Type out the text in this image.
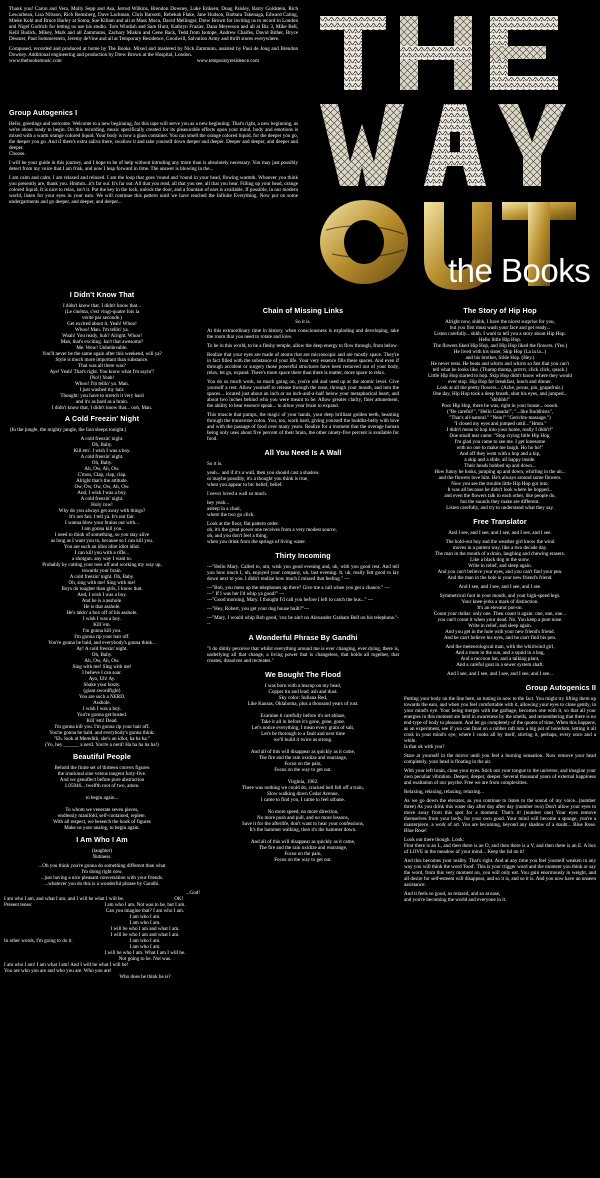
Thank you! Caron and Vera, Molly Sepp and Asa, Jerrod Wilkins, Brendon Downey, Luke Eriksen, Doug Paisley, Barry Goldstein, Rich Lescarbeau, Lisa Nilsson, Rich Remsberg, Dave Lachman, Chris Barsotti, Rebekah Flake, Jane Hudson, Barbara Takenaga, Edward Cating, Mieke Kohl and Bruce Harley at Soma, Sue Killam and all at Mass Moca, David Mellinger, Drew Brown for inviting us to record in London and Nigel Godrich for letting us use his studio. Tom Windish and Sam Hunt, Kathryn Frazier, Dana Meyerson and all at Biz 3, Mike Bell, Kelli Rudick, Mikey, Mark and all Zammutos, Zachary Miskin and Gene Back, Tedd from Isotope, Andrew Chaifes, David Bither, Bryce Dessner, Paul Sommerstein, Jeremy deVine and all at Temporary Residence, Goodwill, Salvation Army and thrift stores everywhere.
Composed, recorded and produced at home by The Books. Mixed and mastered by Nick Zammuto, assisted by Paul de Jong and Brendon Downey. Additional engineering and production by Drew Brown at the Hospital, London.
www.thebooksmusic.com	www.temporaryresidence.com
Group Autogenics I
Hello, greetings and welcome. Welcome to a new beginning, for this tape will serve you as a new beginning. That's right, a new beginning, as we're about ready to begin. On this recording, music specifically created for its pleasurable effects upon your mind, body and emotions is mixed with a warm orange colored liquid. Your body is now a glass container. You can smell the orange colored liquid, for the deeper you go, the deeper you go. And if there's extra saliva there, swallow it and take yourself down deeper and deeper. Deeper and deeper, and deeper and deeper.
Choose.
I will be your guide in this journey, and I hope to be of help without intruding any more than is absolutely necessary. You may just possibly detect from my voice that I am frisk, and now I leap forward in time. The answer is blowing in the...
I am calm and calm. I am relaxed and relaxed. I am the loop that goes 'round and 'round in your head, flowing warmth. Whoever you think you presently are, thank you. Hmmm...it's far out. It's far out. All that you read, all that you see, all that you hear. Filling up your head, orange colored liquid. It is nice to relax, isn't it. Put the key in the lock, unlock the door, and a fountain of ears is available. If possible, in our modern world, listen for your eyes in your ears. We will continue this pattern until we have reached the Infinite Everything. Now put on some undergarments and go deeper, and deeper, and deeper...
the Books
I Didn't Know That
I didn't know that. I didn't know that...
(Le cinéma, c'est vingt-quatre fois la
vérité par seconde.)
Get excited about it. Yeah! Whoo!
Whoo! Man. I'm tellin' ya.
Woah! You ready, huh? Alright. Whoo!
Man, that's exciting. Isn't that awesome?
Me. Wow! Unbelievable.
You'll never be the same again after this weekend, will ya?
Style is much more important than substance.
That was all there was?
Aye! Yeah! That's right. You know what I'm sayin'?
(No!) Yeah!
Whoo! I'm tellin' ya. Man.
I just washed my hair.
Thought: you have to stretch it very hard
and it's as hard as a brain.
I didn't know that, I didn't know that... ooh, Man.
A Cold Freezin' Night
(In the jungle, the mighty jungle, the lion sleeps tonight.)
A cold freezin' night.
Oh, Baby.
Kill em'. I wish I was a boy.
A cold freezin' night.
Oh, Baby.
Ah, Ow, Ah, Ow.
C'mon, Clap, clap, clap.
Alright that's the attitude.
Ow, Ow, Ow, Ow, Ah, Ow.
And, I wish I was a boy.
A cold freezin' night.
Holy cow!
Why do you always get away with things?
It's not fair. I tell ya. It's not fair.
I wanna blow your brains out with...
I am gonna kill you.
I need to think of something, so you stay alive
as long as I want you to, because so I can kill you.
You are such an idiot idiot idiot idiot.
I can kill you with a rifle...
a shotgun. any way I want to.
Probably by cutting your toes off and working my way up,
towards your brain.
A cold freezin' night. Oh, Baby.
Oh, sing with me! Sing with me!
Boys do tougher than girls, I know that.
And, I wish I was a boy.
And he is a asshole.
He is that asshole.
He's takin' a box off of his asshole.
I wish I was a boy.
Kill 'em.
I'm gonna kill you.
I'm gonna rip your hair off.
You're gonna be bald, and everybody's gonna think...
Ay! A cold freezin' night.
Oh, Baby.
Ah, Ow, Ah, Ow.
Sing with me! Sing with me!
I believe I can soar.
Ayo, Uh! Ay.
Shake your booty.
(giant swordfight)
You are such a NERD.
Asshole.
I wish I was a boy.
You're gonna get busted.
Kill 'em! Dead.
I'm gonna kill you. I'm gonna rip your hair off.
You're gonna be bald. and everybody's gonna think:
"Eh. look at Meredith, she's an idiot, ha ha ha."
(Yo, hey ______ a nerd. You're a nerd! Ha ha ha ha ha!)
Beautiful People
Behold the finite set of thirteen convex figures
the irrational sine versus tangent forty-five.
And we genuflect before pure abstraction
1.05946... twelfth root of two, amen.

to begin again...

To whom we venerate seven pieces,
endlessly manifold, self-contained, replete.
With all respect, we beseech the book of figures
Make us your analog, to begin again.
I Am Who I Am
(laughter)
Nutiness.
...Oh you think you're gonna do something different than what
I'm doing right now.
...just having a nice pleasant conversation with your friends.
...whatever you do this is a wonderful phrase by Gandhi.
...God!
I am who I am, and what I am, and I will be what I will be.	OK!
Present tense:	I am who I am. Not was to be, but I am.
Can you imagine that? I am who I am.
I am who I am.
I am who I am.
I will be who I am and what I am.
I will be who I am and what I am.
In other words, I'm going to do it.	I am who I am.
I am who I am.
I will be who I am. What I am I will be.
Not going to be. Not was.
I am who I am! I am what I am! And I will be what I will be!
You are who you are and who you are. Who you are!
Who does he think he is?
Chain of Missing Links
So it is.
At this extraordinary time in history, when consciousness is exploding and developing, take the room that you need to rotate and love.
To be in this world, to be a fleshy temple, allow the deep energy to flow through, from below.
Realize that your eyes are made of atoms that are microscopic and are mostly space. They're in fact filled with the substance of your life. Your very essence fills these spaces. And even if through accident or surgery those powerful structures have been removed out of your body, relax, let go, expand. There's more space there than there is matter, more space to relax.
You do so much work, so much going on, you're old and used up at the atomic level. Give yourself a rest. Allow yourself to release through the nose, through your mouth, and into the spaces... located just about an inch or an inch-and-a-half below your metaphorical heart, and about two inches behind who you were meant to be. Allow greater clarity, finer attunement, the ability to hear essence speak... to allow your brain to expand.
This muscle that pumps, the magic of your hands, your deep brilliant golden teeth, beaming through the transverse colon. You, too, work hard, giving yourself the buddha-belly with love and with the passage of food over many years. Realize for a moment that the average human being only uses about five percent of their brain, the other ninety-five percent is available for food.
All You Need Is A Wall
So it is.
yeah... and if it's a wall, then you should cast a shadow.
or maybe possibly, it's a thought you think is true,
when you appear to be: belief, belief.
I never loved a wall so much.
hey yeah...
asleep in a chair,
where the two go click.
Look at the floor, flat pattern order.
oh, it's the great power one receives from a very modest source,
oh, and you don't feel a thing,
when you drink from the springs of living water.
Thirty Incoming
---"Hello Mary. Called to, um, wish you good evening and, uh, with you good rest. And tell you how much I, uh, enjoyed your company, uh, last evening. It, uh, really felt good to lay down next to you. I didn't realize how much I missed that feeling." ---
---"Bob, you mess up the telephones up there? Give me a call when you get a chance." ---
---" If I was her I'd whip ya good!" ---
---"Good morning, Mary. I thought I'd call you before I left to catch the bus..." ---
---"Hey, Robert, you get your dog house built?"---
---"Mary, I would whip Bob good, 'cuz he ain't no Alexander Graham Bell on his telephone."---
A Wonderful Phrase By Gandhi
"I do dimly perceive that whilst everything around me is ever changing, ever dying, there is, underlying all that change, a living power that is changeless, that holds all together, that creates, dissolves and recreates."
We Bought The Flood
I was born with a teacup on my head,
Copper tin and lead, ash and dust.
Sky color: Indiana Red,
Like Kansas, Oklahoma, plus a thousand years of rust.

Examine it carefully before it's set ablaze,
Take it all in before it's gone, gone, gone.
Let's notice everything, I mean every grain of salt,
Let's be thorough to a fault and next time
we'll build it twice as strong.

And all of this will disappear as quickly as it came,
The fire and the rain oxidize and rearrange,
Focus on the pain,
Focus on the way to get out.

Virginia, 1902.
There was nothing we could do, cracked bell fell off a train,
Slow walking down Cedar Avenue,
I came to find you, I came to feel urbane.

No more speed, no more direction,
No more push and pull, and no more lessons,
Save it for the afterlife, don't want to hear your confessions,
It's the hammer walking, then it's the hammer down.

And all of this will disappear as quickly as it came,
The fire and the rain oxidize and rearrange,
Focus on the pain,
Focus on the way to get out.
The Story of Hip Hop
Alright now, shhhh, I have the nicest surprise for you,
but you first must wash your face and get ready...
Listen carefully... shhh. I want to tell you a story about Hip Hop.
Hello little Hip Hop.
The flowers liked Hip Hop, and Hip Hop liked the flowers. (Yes.)
He lived with his sister, Skip Hop (La la la...)
and his brother, Slide Hop. (Hey.)
He never rests. He beats and whirrs and whirrs so fast that you can't
tell what he looks like. (Thump thump, prrrrrr, click click, quack.)
Little Hip Hop started to hop. Skip Hop didn't know where they would
ever stop. Hip Hop for breakfast, lunch and dinner.
Look at all the pretty flowers... (Ache, povas, pin, grapefruit.)
One day, Hip Hop took a deep breath, shut his eyes, and jumped...
"shhhhh!"
Poor Hip Hop, there he was, right in your house... ooooh.
("Be careful!", "Hello Canada!", "...like Buddhists",
"That's all-natural." "Nein!" "Gerichts-massage.")
"I closed my eyes and jumped until..."Hmm."
I didn't mean to hop into your home, really I didn't!"
One small tear came: "Stop crying little Hip Hop,
I'm glad you came to see me. I get lonesome
with no one to make me laugh. Ho ho ho!"
And off they went with a hop and a hip,
a skip and a slide, all happy inside.
Their heads bobbed up and down...
How funny he looks, jumping up and down, whirling in the air...
and the flowers love him. He's always around some flowers.
Now you see the trouble little Hip Hop got into.
It was all because he didn't look where he hopped...
and even the flowers talk to each other, like people do,
but the sounds they make are different.
Listen carefully, and try to understand what they say.
Free Translator
And I see, and I see, and I see, and I see, and I see.
The hold-out boy and the weather girl know the wind
moves in a patient way, like a two decade day.
The man in the mouth of a drain, laughing and chewing erasers.
Like a black dog in the snow.
Write in relief, and sleep again.
And you can't believe your eyes, and you can't find your pen.
And the man in the hole is your new friend's friend.
And I see, and I see, and I see, and I see.
Symmetrical foot in your mouth, and your high-speed legs.
Your knee-jerks a mark of distinction.
It's an elevator put-on.
Count your dollar: only one. Then count it again: one, one, one...
you can't count it when your dead. No. You keep a pure nose.
Write in relief, and sleep again.
And you get in the hole with your new friend's friend.
And he can't believe his eyes, and he can't find his pen.
And the meteorological man, with the whirlwind girl,
And a mote in the sun, and a squid in a bag,
And a raccoon hat, and a talking plant,
And a careful goat in a sewer system shaft.
And I see, and I see, and I see, and I see, and I see...
Group Autogenics II
Putting your body on the line here, so tuning in now to the fact. You might try lifting them up towards the ears, and when you feel comfortable with it, allowing your eyes to close gently, in your mind's eye. Your being merges with the garbage, becomes one with it, so that all your energies in this moment are held in awareness by the smells, and remembering that there is no end-type of body to pleasure. And let go completely of the quotes of time. When this happens, as an experiment, see if you can float on a rubber raft into a big pot of boredom, letting it all cook in your mind's eye, where I cooks all by itself, stirring it, perhaps, every once and a while.
Is that ok with you?
Stare at yourself in the mirror until you feel a burning sensation. Now remove your head completely, your head is floating in the air.
With your left brain, close your eyes. Stick out your tongue to the universe, and imagine your own peculiar vibration. Deeper, deeper, deeper. Several thousand years of external happiness and exaltation of our psyche. Free we are from complexities.
Relaxing, relaxing, relaxing, relaxing...
As we go down the elevator, as you continue to listen to the sound of my voice...(number three) As you drink this water day after day after day (number two) Don't allow your eyes to move away from this spot for a moment. That's it! (number one) Your eyes remove themselves from your body, for your own good. Your mind will become a sponge, you're a masterpiece, a work of art. You are becoming, beyond any shadow of a doubt... Blue Rose. Blue Rose!
Look out there though. Look:
First there is an L, and then there is an O, and then there is a V, and then there is an E. A box of LOVE in the meadow of your mind... Keep the lid on it!
And this becomes your reality. That's right. And at any time you feel yourself weaken in any way you will think the word 'food'. This is your trigger word and the moment you think or say the word, from this very moment on, you will only eat. You gain enormously in weight, and all desire for self-esteem will disappear, and so it is, and so it is. And you now have an unseen assistance:
And it feels so good, so relaxed, and so at ease,
and you're becoming the world and everyone in it.
